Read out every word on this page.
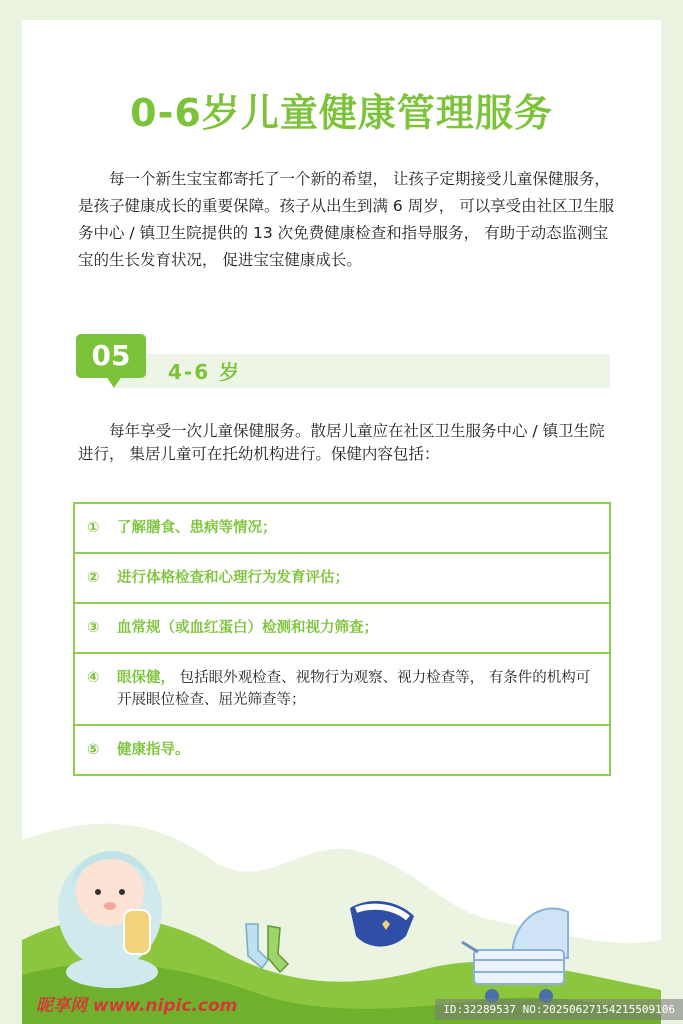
0-6岁儿童健康管理服务

每一个新生宝宝都寄托了一个新的希望， 让孩子定期接受儿童保健服务， 是孩子健康成长的重要保障。孩子从出生到满 6 周岁， 可以享受由社区卫生服务中心 / 镇卫生院提供的 13 次免费健康检查和指导服务， 有助于动态监测宝宝的生长发育状况， 促进宝宝健康成长。

05	4-6 岁

每年享受一次儿童保健服务。散居儿童应在社区卫生服务中心 / 镇卫生院进行， 集居儿童可在托幼机构进行。保健内容包括：

① 了解膳食、患病等情况；
② 进行体格检查和心理行为发育评估；
③ 血常规（或血红蛋白）检测和视力筛查；
④ 眼保健， 包括眼外观检查、视物行为观察、视力检查等， 有条件的机构可开展眼位检查、屈光筛查等；
⑤ 健康指导。
昵享网 www.nipic.com	ID:32289537 NO:20250627154215509106
